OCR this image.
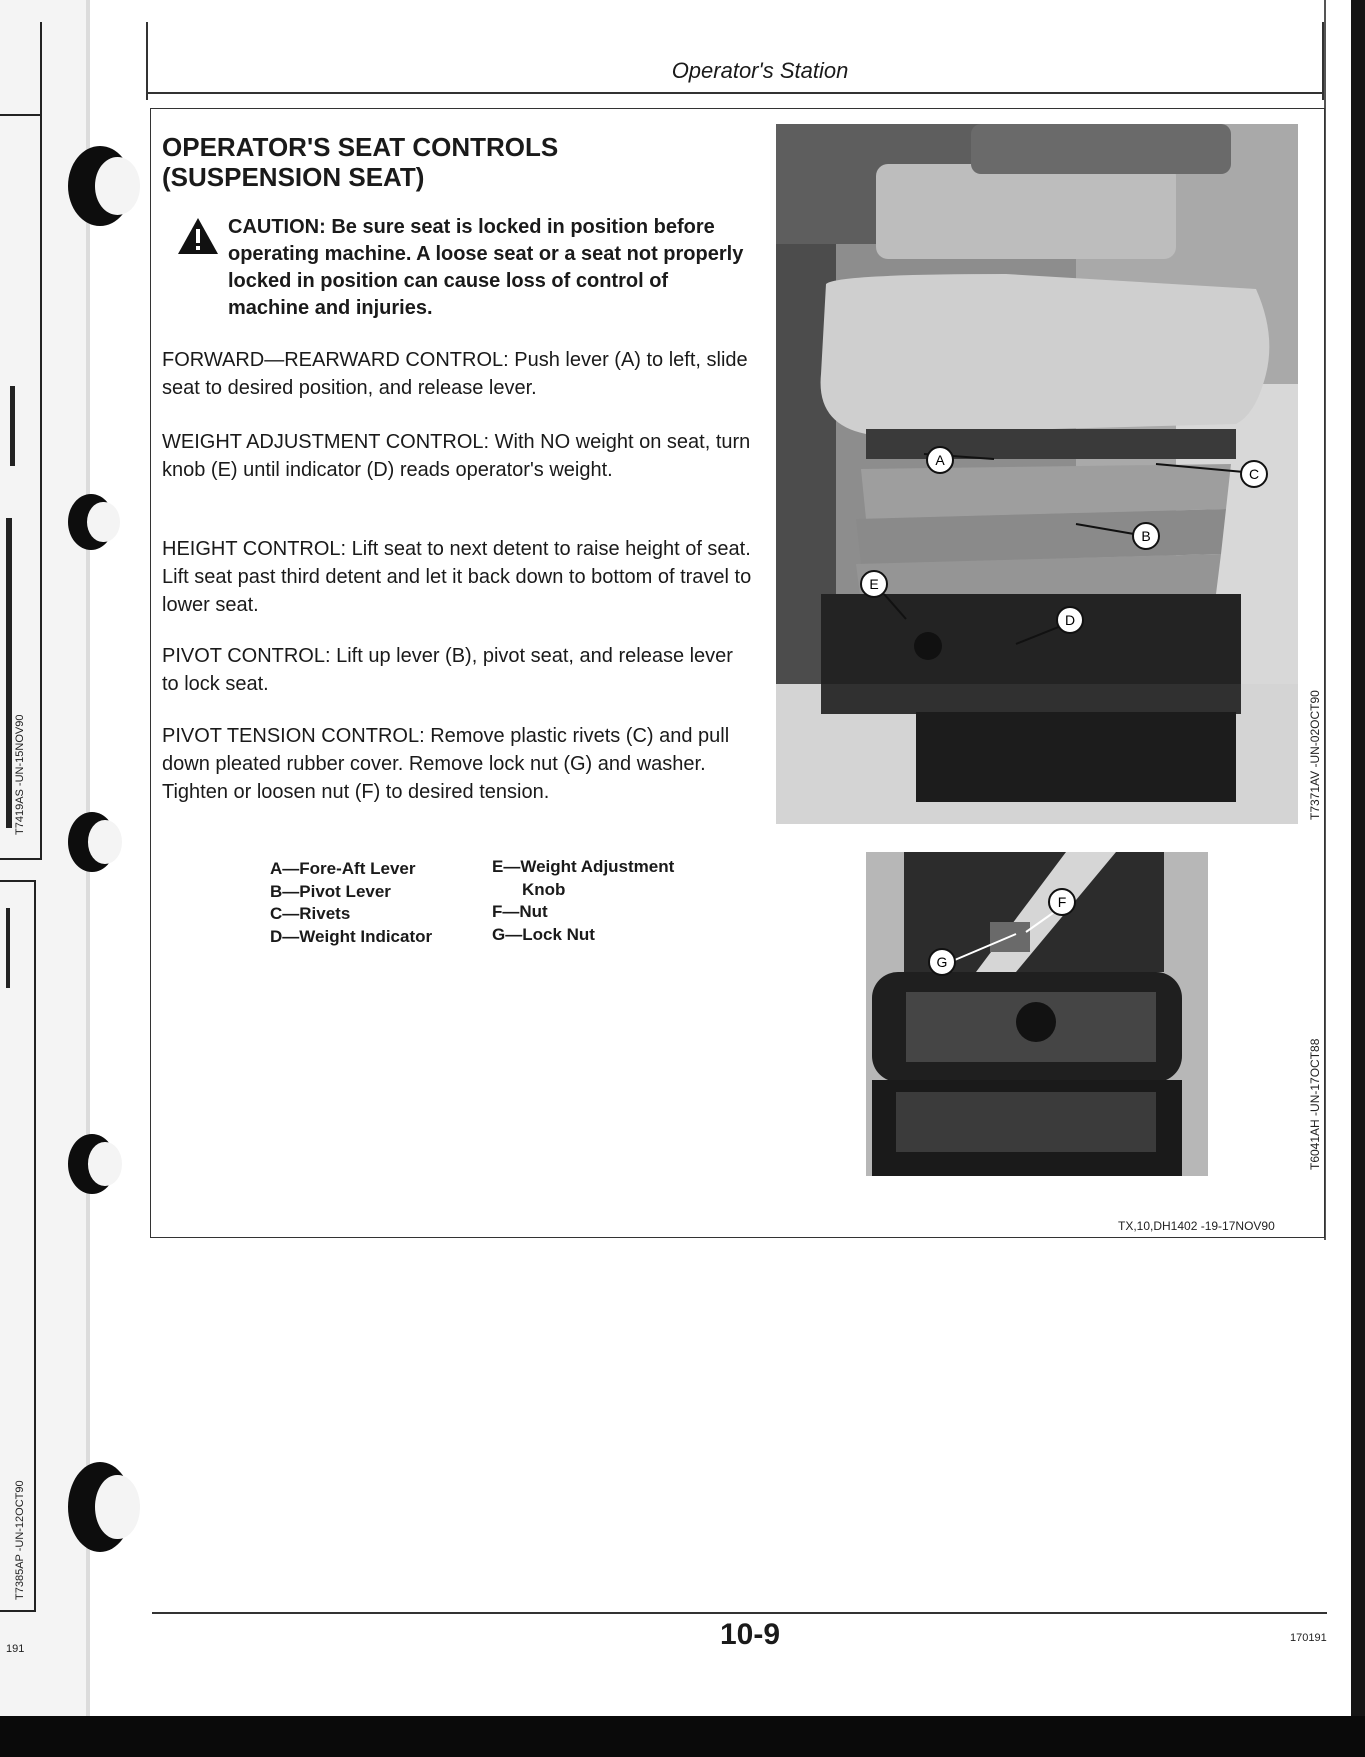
T7419AS -UN-15NOV90
T7385AP -UN-12OCT90
191
Operator's Station
OPERATOR'S SEAT CONTROLS
(SUSPENSION SEAT)
CAUTION: Be sure seat is locked in position before operating machine. A loose seat or a seat not properly locked in position can cause loss of control of machine and injuries.
FORWARD—REARWARD CONTROL: Push lever (A) to left, slide seat to desired position, and release lever.
WEIGHT ADJUSTMENT CONTROL: With NO weight on seat, turn knob (E) until indicator (D) reads operator's weight.
HEIGHT CONTROL: Lift seat to next detent to raise height of seat. Lift seat past third detent and let it back down to bottom of travel to lower seat.
PIVOT CONTROL: Lift up lever (B), pivot seat, and release lever to lock seat.
PIVOT TENSION CONTROL: Remove plastic rivets (C) and pull down pleated rubber cover. Remove lock nut (G) and washer. Tighten or loosen nut (F) to desired tension.
A—Fore-Aft Lever
B—Pivot Lever
C—Rivets
D—Weight Indicator
E—Weight Adjustment
Knob
F—Nut
G—Lock Nut
A
B
C
D
E
T7371AV -UN-02OCT90
F
G
T6041AH -UN-17OCT88
TX,10,DH1402 -19-17NOV90
10-9	170191
